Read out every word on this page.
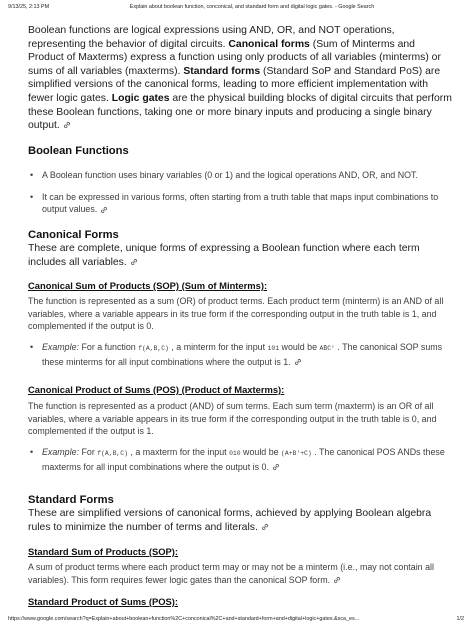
9/13/25, 2:13 PM	Explain about boolean function, conconical, and standard form and digital logic gates. - Google Search

Boolean functions are logical expressions using AND, OR, and NOT operations, representing the behavior of digital circuits. Canonical forms (Sum of Minterms and Product of Maxterms) express a function using only products of all variables (minterms) or sums of all variables (maxterms). Standard forms (Standard SoP and Standard PoS) are simplified versions of the canonical forms, leading to more efficient implementation with fewer logic gates. Logic gates are the physical building blocks of digital circuits that perform these Boolean functions, taking one or more binary inputs and producing a single binary output.

Boolean Functions
• A Boolean function uses binary variables (0 or 1) and the logical operations AND, OR, and NOT.
• It can be expressed in various forms, often starting from a truth table that maps input combinations to output values.
Canonical Forms

These are complete, unique forms of expressing a Boolean function where each term includes all variables.

Canonical Sum of Products (SOP) (Sum of Minterms):

The function is represented as a sum (OR) of product terms. Each product term (minterm) is an AND of all variables, where a variable appears in its true form if the corresponding output in the truth table is 1, and complemented if the output is 0.

• Example: For a function f(A,B,C) , a minterm for the input 101 would be AB̄C' . The canonical SOP sums these minterms for all input combinations where the output is 1.
Canonical Product of Sums (POS) (Product of Maxterms):

The function is represented as a product (AND) of sum terms. Each sum term (maxterm) is an OR of all variables, where a variable appears in its true form if the corresponding output in the truth table is 0, and complemented if the output is 1.

• Example: For f(A,B,C) , a maxterm for the input 010 would be (A+B'+C) . The canonical POS ANDs these maxterms for all input combinations where the output is 0.
Standard Forms

These are simplified versions of canonical forms, achieved by applying Boolean algebra rules to minimize the number of terms and literals.

Standard Sum of Products (SOP):

A sum of product terms where each product term may or may not be a minterm (i.e., may not contain all variables). This form requires fewer logic gates than the canonical SOP form.

Standard Product of Sums (POS):
https://www.google.com/search?q=Explain+about+boolean+function%2C+conconical%2C+and+standard+form+and+digital+logic+gates.&sca_es...	1/2
